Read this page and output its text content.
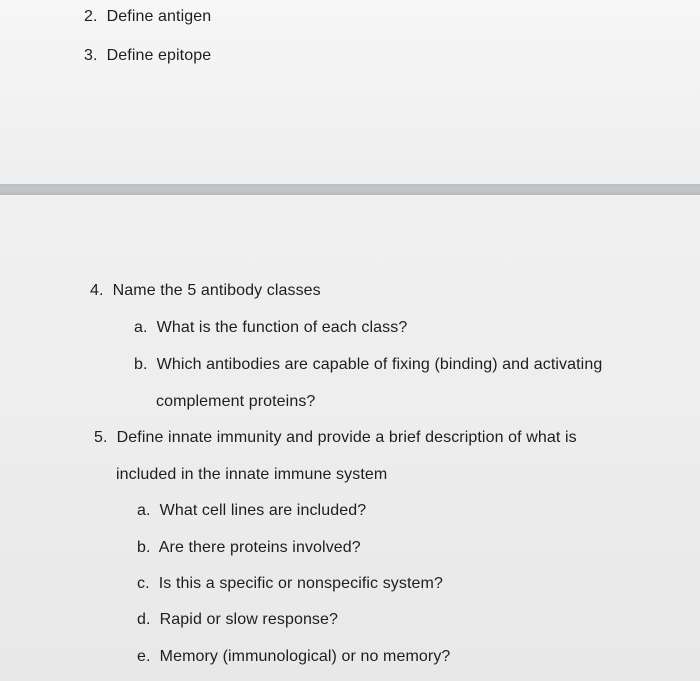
2.  Define antigen
3.  Define epitope
4.  Name the 5 antibody classes
a.  What is the function of each class?
b.  Which antibodies are capable of fixing (binding) and activating
complement proteins?
5.  Define innate immunity and provide a brief description of what is
included in the innate immune system
a.  What cell lines are included?
b.  Are there proteins involved?
c.  Is this a specific or nonspecific system?
d.  Rapid or slow response?
e.  Memory (immunological) or no memory?
